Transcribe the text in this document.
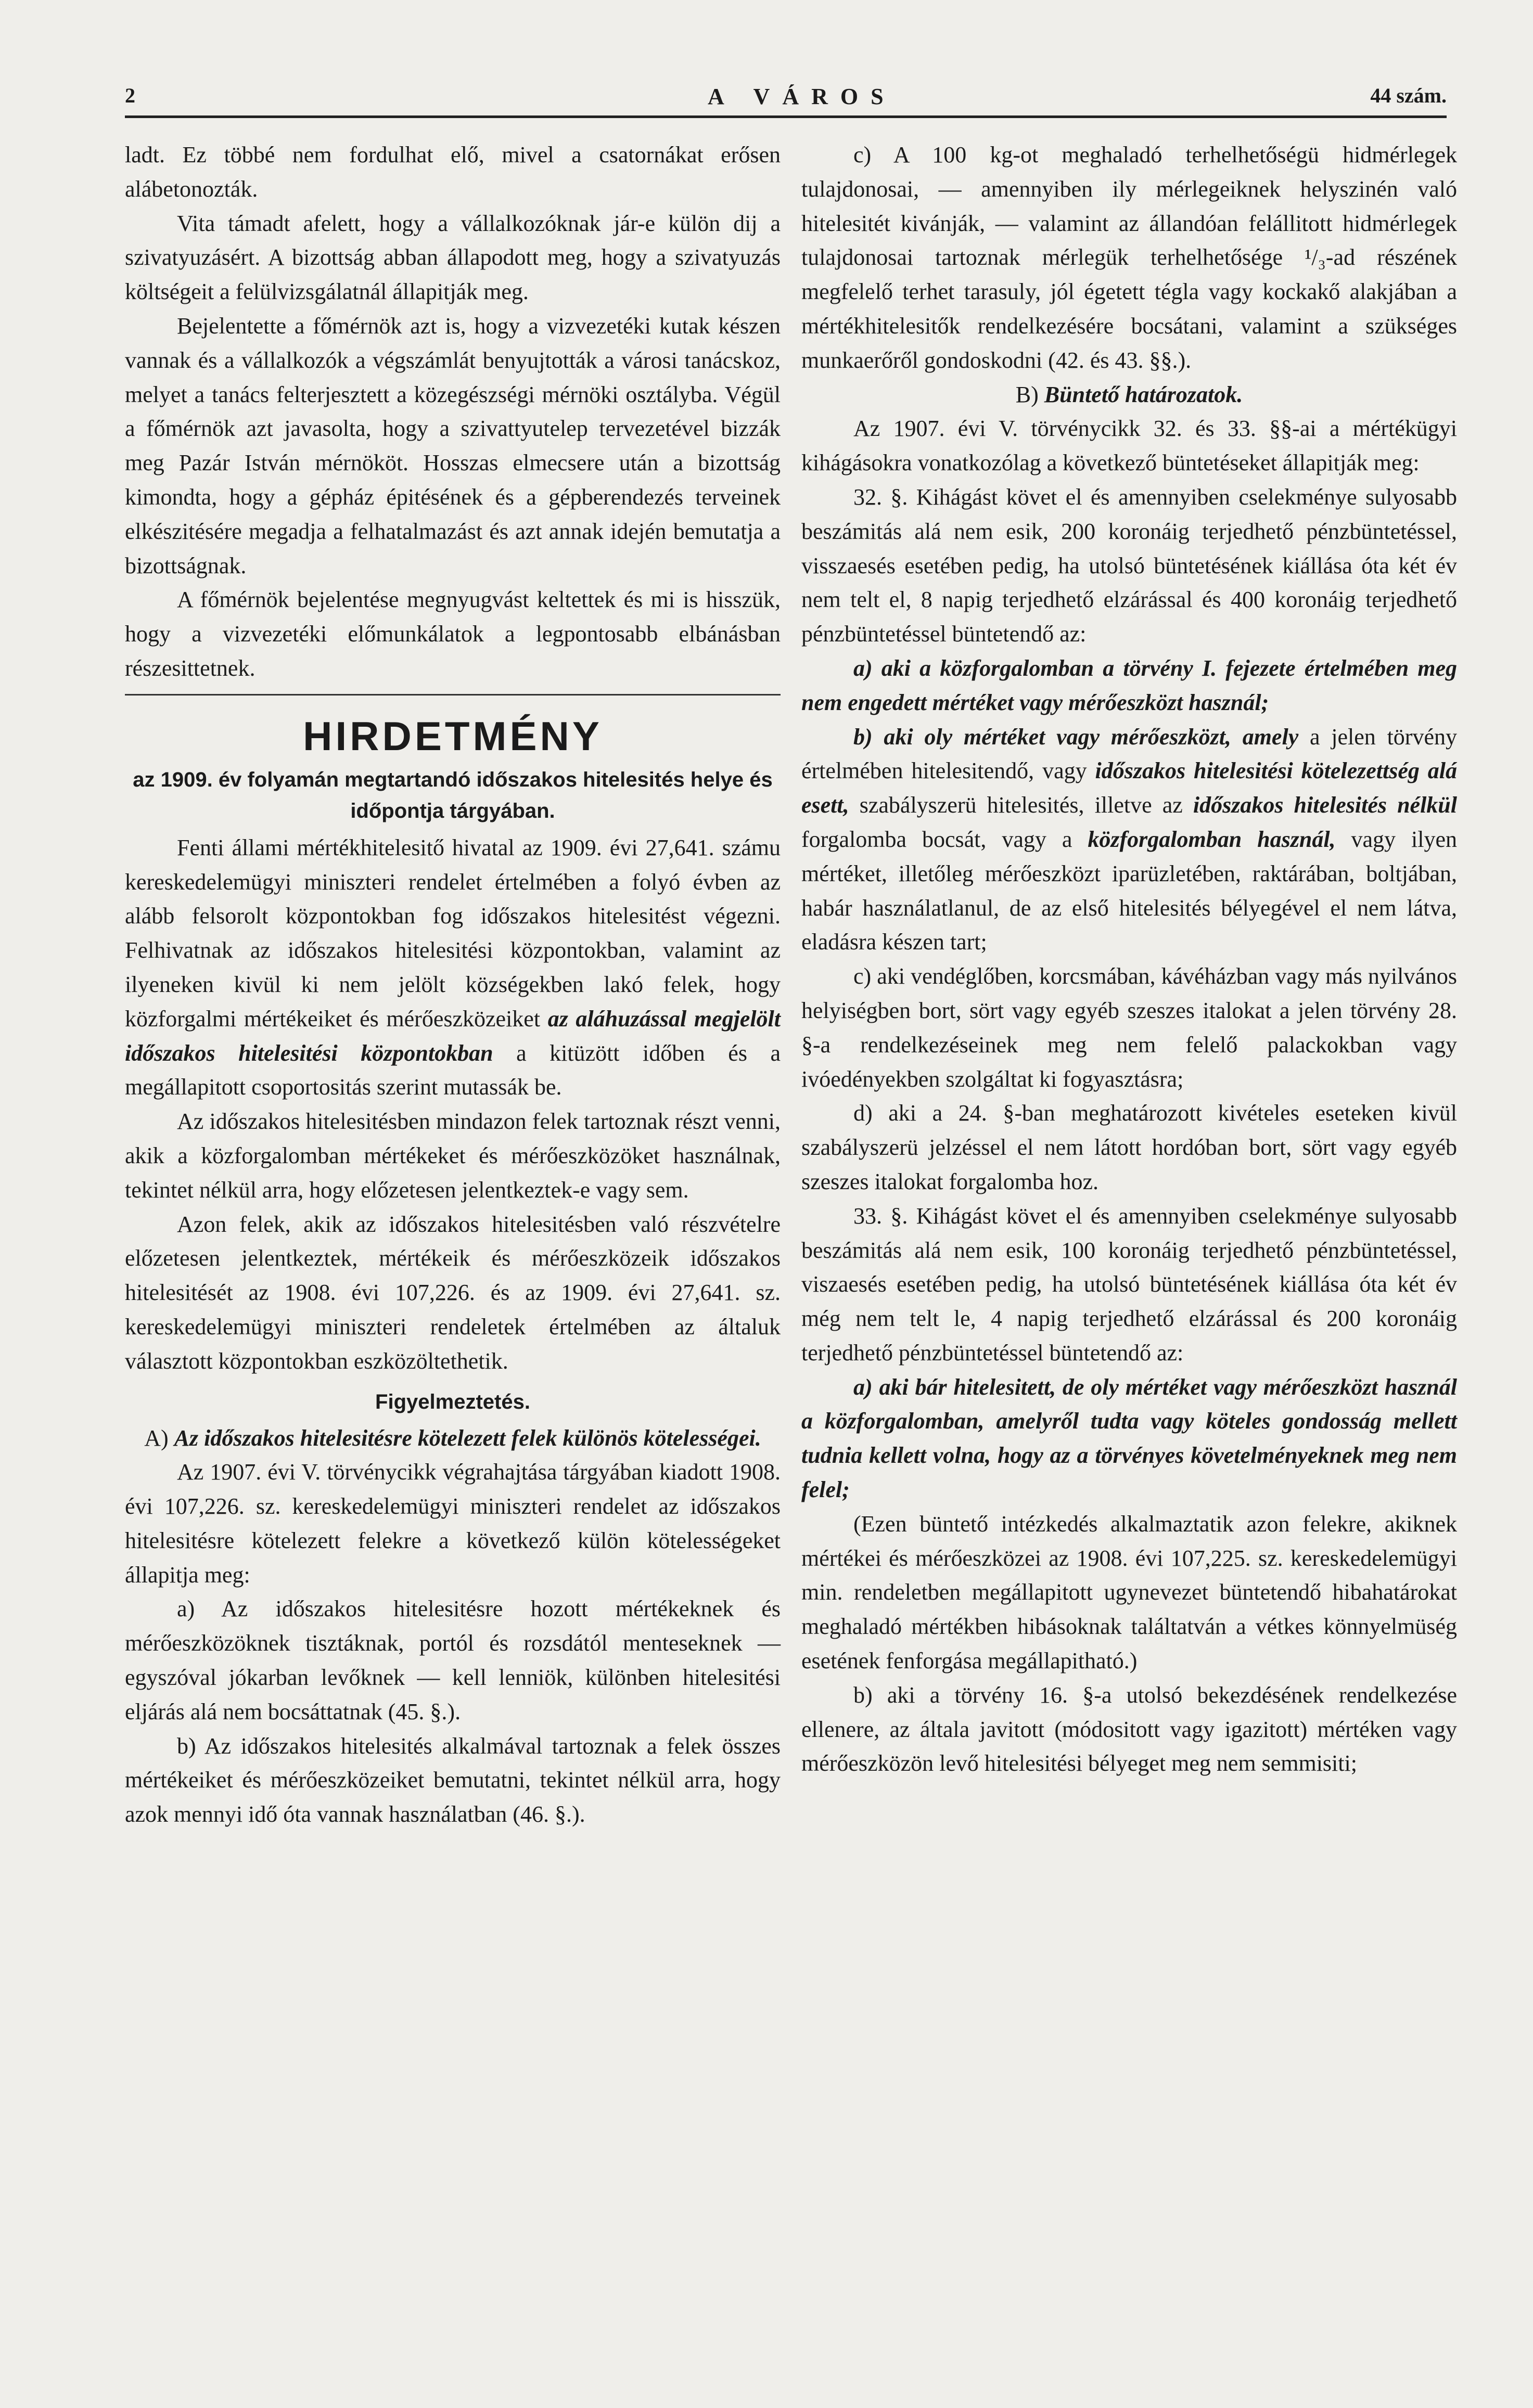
2	A VÁROS	44 szám.

ladt. Ez többé nem fordulhat elő, mivel a csatornákat erősen alábetonozták.

Vita támadt afelett, hogy a vállalkozóknak jár-e külön dij a szivatyuzásért. A bizottság abban állapodott meg, hogy a szivatyuzás költségeit a felülvizsgálatnál állapitják meg.

Bejelentette a főmérnök azt is, hogy a vizvezetéki kutak készen vannak és a vállalkozók a végszámlát benyujtották a városi tanácskoz, melyet a tanács felterjesztett a közegészségi mérnöki osztályba. Végül a főmérnök azt javasolta, hogy a szivattyutelep tervezetével bizzák meg Pazár István mérnököt. Hosszas elmecsere után a bizottság kimondta, hogy a gépház épitésének és a gépberendezés terveinek elkészitésére megadja a felhatalmazást és azt annak idején bemutatja a bizottságnak.

A főmérnök bejelentése megnyugvást keltettek és mi is hisszük, hogy a vizvezetéki előmunkálatok a legpontosabb elbánásban részesittetnek.

HIRDETMÉNY
az 1909. év folyamán megtartandó időszakos hitelesités helye és időpontja tárgyában.

Fenti állami mértékhitelesitő hivatal az 1909. évi 27,641. számu kereskedelemügyi miniszteri rendelet értelmében a folyó évben az alább felsorolt központokban fog időszakos hitelesitést végezni. Felhivatnak az időszakos hitelesitési központokban, valamint az ilyeneken kivül ki nem jelölt községekben lakó felek, hogy közforgalmi mértékeiket és mérőeszközeiket az aláhuzással megjelölt időszakos hitelesitési központokban a kitüzött időben és a megállapitott csoportositás szerint mutassák be.

Az időszakos hitelesitésben mindazon felek tartoznak részt venni, akik a közforgalomban mértékeket és mérőeszközöket használnak, tekintet nélkül arra, hogy előzetesen jelentkeztek-e vagy sem.

Azon felek, akik az időszakos hitelesitésben való részvételre előzetesen jelentkeztek, mértékeik és mérőeszközeik időszakos hitelesitését az 1908. évi 107,226. és az 1909. évi 27,641. sz. kereskedelemügyi miniszteri rendeletek értelmében az általuk választott központokban eszközöltethetik.

Figyelmeztetés.

A) Az időszakos hitelesitésre kötelezett felek különös kötelességei.

Az 1907. évi V. törvénycikk végrahajtása tárgyában kiadott 1908. évi 107,226. sz. kereskedelemügyi miniszteri rendelet az időszakos hitelesitésre kötelezett felekre a következő külön kötelességeket állapitja meg:

a) Az időszakos hitelesitésre hozott mértékeknek és mérőeszközöknek tisztáknak, portól és rozsdától menteseknek — egyszóval jókarban levőknek — kell lenniök, különben hitelesitési eljárás alá nem bocsáttatnak (45. §.).

b) Az időszakos hitelesités alkalmával tartoznak a felek összes mértékeiket és mérőeszközeiket bemutatni, tekintet nélkül arra, hogy azok mennyi idő óta vannak használatban (46. §.).

c) A 100 kg-ot meghaladó terhelhetőségü hidmérlegek tulajdonosai, — amennyiben ily mérlegeiknek helyszinén való hitelesitét kivánják, — valamint az állandóan felállitott hidmérlegek tulajdonosai tartoznak mérlegük terhelhetősége ¹/₃-ad részének megfelelő terhet tarasuly, jól égetett tégla vagy kockakő alakjában a mértékhitelesitők rendelkezésére bocsátani, valamint a szükséges munkaerőről gondoskodni (42. és 43. §§.).

B) Büntető határozatok.

Az 1907. évi V. törvénycikk 32. és 33. §§-ai a mértékügyi kihágásokra vonatkozólag a következő büntetéseket állapitják meg:

32. §. Kihágást követ el és amennyiben cselekménye sulyosabb beszámitás alá nem esik, 200 koronáig terjedhető pénzbüntetéssel, visszaesés esetében pedig, ha utolsó büntetésének kiállása óta két év nem telt el, 8 napig terjedhető elzárással és 400 koronáig terjedhető pénzbüntetéssel büntetendő az:

a) aki a közforgalomban a törvény I. fejezete értelmében meg nem engedett mértéket vagy mérőeszközt használ;

b) aki oly mértéket vagy mérőeszközt, amely a jelen törvény értelmében hitelesitendő, vagy időszakos hitelesitési kötelezettség alá esett, szabályszerü hitelesités, illetve az időszakos hitelesités nélkül forgalomba bocsát, vagy a közforgalomban használ, vagy ilyen mértéket, illetőleg mérőeszközt iparüzletében, raktárában, boltjában, habár használatlanul, de az első hitelesités bélyegével el nem látva, eladásra készen tart;

c) aki vendéglőben, korcsmában, kávéházban vagy más nyilvános helyiségben bort, sört vagy egyéb szeszes italokat a jelen törvény 28. §-a rendelkezéseinek meg nem felelő palackokban vagy ivóedényekben szolgáltat ki fogyasztásra;

d) aki a 24. §-ban meghatározott kivételes eseteken kivül szabályszerü jelzéssel el nem látott hordóban bort, sört vagy egyéb szeszes italokat forgalomba hoz.

33. §. Kihágást követ el és amennyiben cselekménye sulyosabb beszámitás alá nem esik, 100 koronáig terjedhető pénzbüntetéssel, viszaesés esetében pedig, ha utolsó büntetésének kiállása óta két év még nem telt le, 4 napig terjedhető elzárással és 200 koronáig terjedhető pénzbüntetéssel büntetendő az:

a) aki bár hitelesitett, de oly mértéket vagy mérőeszközt használ a közforgalomban, amelyről tudta vagy köteles gondosság mellett tudnia kellett volna, hogy az a törvényes követelményeknek meg nem felel;

(Ezen büntető intézkedés alkalmaztatik azon felekre, akiknek mértékei és mérőeszközei az 1908. évi 107,225. sz. kereskedelemügyi min. rendeletben megállapitott ugynevezet büntetendő hibahatárokat meghaladó mértékben hibásoknak találtatván a vétkes könnyelmüség esetének fenforgása megállapitható.)

b) aki a törvény 16. §-a utolsó bekezdésének rendelkezése ellenere, az általa javitott (módositott vagy igazitott) mértéken vagy mérőeszközön levő hitelesitési bélyeget meg nem semmisiti;
